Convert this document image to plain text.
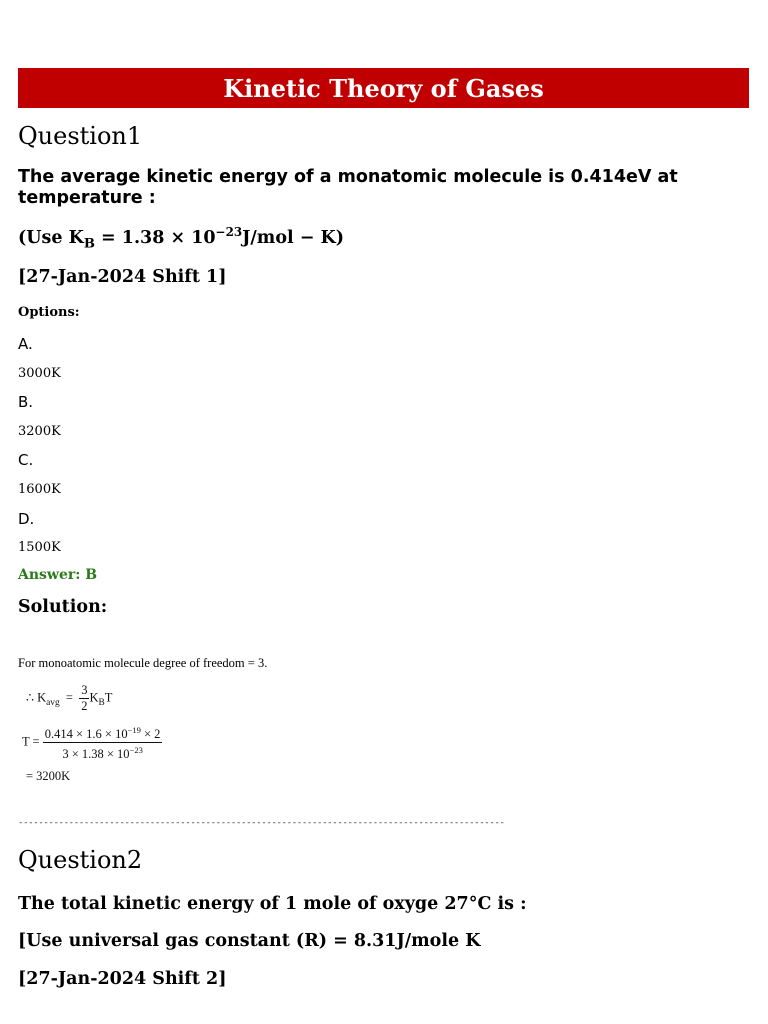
Kinetic Theory of Gases
Question1
The average kinetic energy of a monatomic molecule is 0.414eV at temperature :
(Use $K_B = 1.38 \times 10^{-23}J/mol - K$)
[27-Jan-2024 Shift 1]
Options:
A.
3000K
B.
3200K
C.
1600K
D.
1500K
Answer: B
Solution:
For monoatomic molecule degree of freedom = 3.
∴ $K_{avg} = \frac{3}{2} K_BT$
$T = \frac{0.414 \times 1.6 \times 10^{-19} \times 2}{3 \times 1.38 \times 10^{-23}}$
= 3200K
------------------------------------------------------------------------------------------------
Question2
The total kinetic energy of 1 mole of oxyge 27°C is :
[Use universal gas constant (R) = 8.31J/mole K
[27-Jan-2024 Shift 2]
